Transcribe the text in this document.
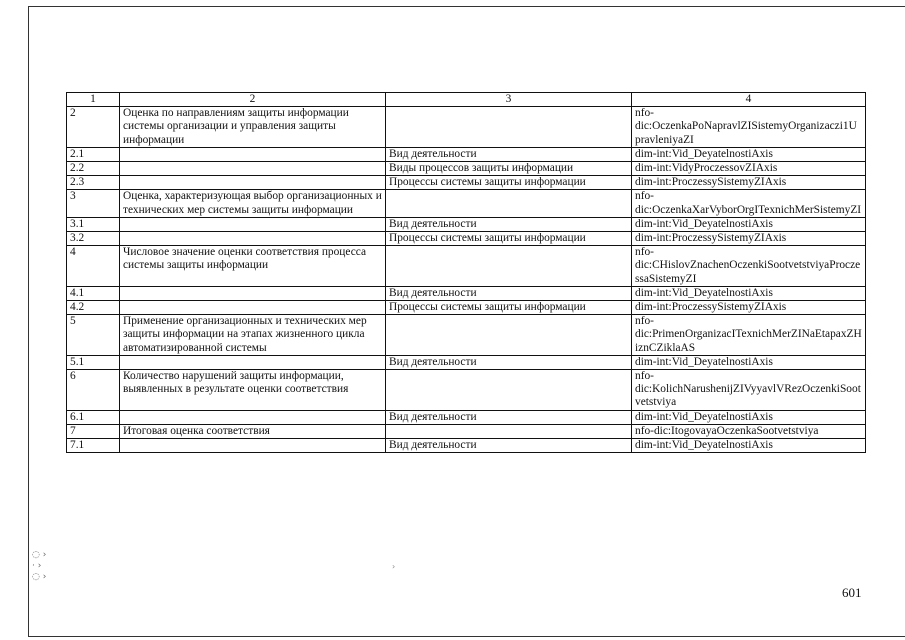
1	2	3	4
2	Оценка по направлениям защиты информации системы организации и управления защиты информации		nfo-dic:OczenkaPoNapravlZISistemyOrganizaczi1UpravleniyaZI
2.1		Вид деятельности	dim-int:Vid_DeyatelnostiAxis
2.2		Виды процессов защиты информации	dim-int:VidyProczessovZIAxis
2.3		Процессы системы защиты информации	dim-int:ProczessySistemyZIAxis
3	Оценка, характеризующая выбор организационных и технических мер системы защиты информации		nfo-dic:OczenkaXarVyborOrgITexnichMerSistemyZI
3.1		Вид деятельности	dim-int:Vid_DeyatelnostiAxis
3.2		Процессы системы защиты информации	dim-int:ProczessySistemyZIAxis
4	Числовое значение оценки соответствия процесса системы защиты информации		nfo-dic:CHislovZnachenOczenkiSootvetstviyaProczessaSistemyZI
4.1		Вид деятельности	dim-int:Vid_DeyatelnostiAxis
4.2		Процессы системы защиты информации	dim-int:ProczessySistemyZIAxis
5	Применение организационных и технических мер защиты информации на этапах жизненного цикла автоматизированной системы		nfo-dic:PrimenOrganizacITexnichMerZINaEtapaxZHiznCZiklaAS
5.1		Вид деятельности	dim-int:Vid_DeyatelnostiAxis
6	Количество нарушений защиты информации, выявленных в результате оценки соответствия		nfo-dic:KolichNarushenijZIVyyavlVRezOczenkiSootvetstviya
6.1		Вид деятельности	dim-int:Vid_DeyatelnostiAxis
7	Итоговая оценка соответствия		nfo-dic:ItogovayaOczenkaSootvetstviya
7.1		Вид деятельности	dim-int:Vid_DeyatelnostiAxis
◌ ›
· ›
◌ ›
›
601
